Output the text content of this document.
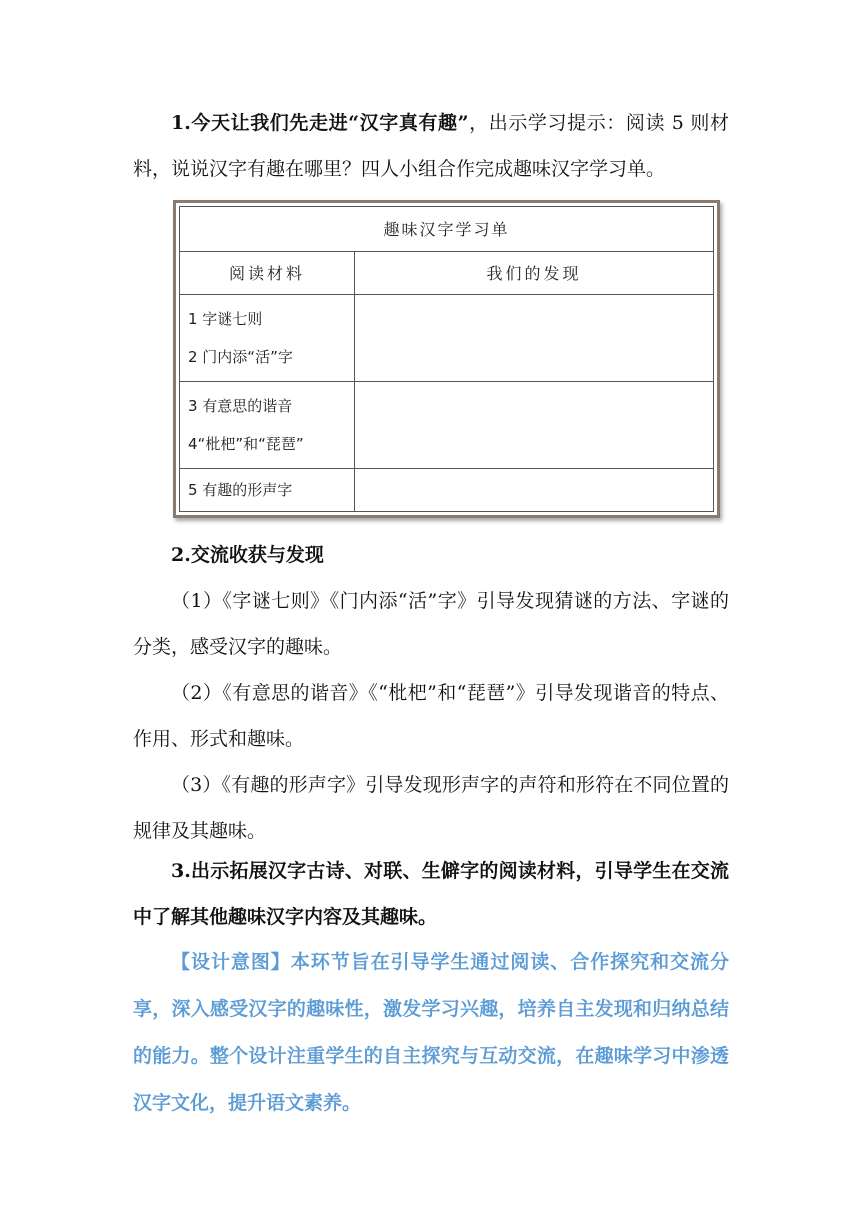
1.今天让我们先走进“汉字真有趣”，出示学习提示：阅读 5 则材料，说说汉字有趣在哪里？四人小组合作完成趣味汉字学习单。

趣味汉字学习单	
阅读材料	我们的发现

1 字谜七则
2 门内添“活”字	

3 有意思的谐音
4“枇杷”和“琵琶”	

5 有趣的形声字	

2.交流收获与发现

（1）《字谜七则》《门内添“活”字》引导发现猜谜的方法、字谜的分类，感受汉字的趣味。

（2）《有意思的谐音》《“枇杷”和“琵琶”》引导发现谐音的特点、作用、形式和趣味。

（3）《有趣的形声字》引导发现形声字的声符和形符在不同位置的规律及其趣味。

3.出示拓展汉字古诗、对联、生僻字的阅读材料，引导学生在交流中了解其他趣味汉字内容及其趣味。

【设计意图】本环节旨在引导学生通过阅读、合作探究和交流分享，深入感受汉字的趣味性，激发学习兴趣，培养自主发现和归纳总结的能力。整个设计注重学生的自主探究与互动交流，在趣味学习中渗透汉字文化，提升语文素养。
